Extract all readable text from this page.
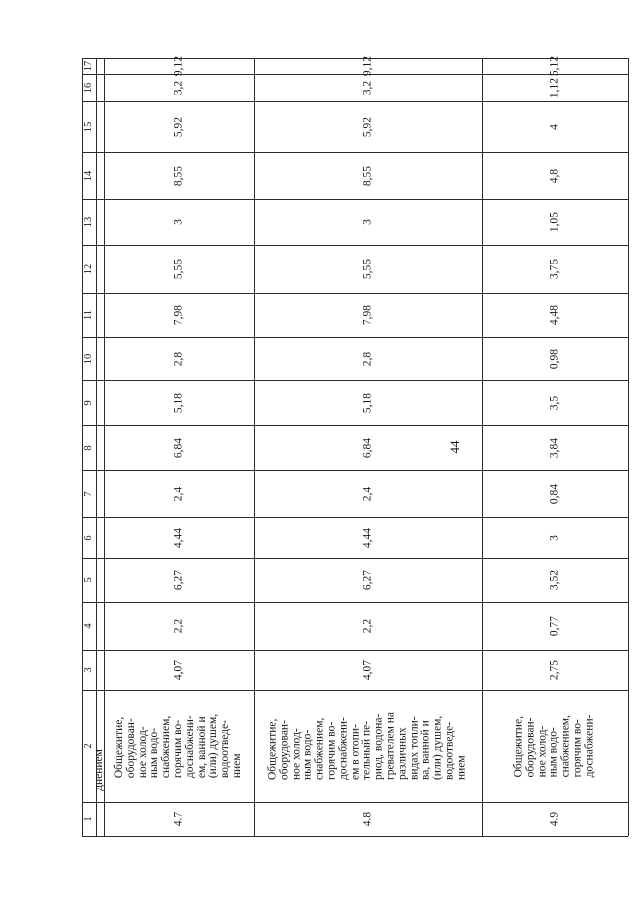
44
1
2
3
4
5
6
7
8
9
10
11
12
13
14
15
16
17
днением
4.7
Общежитие,
оборудован-
ное холод-
ным водо-
снабжением,
горячим во-
доснабжени-
ем, ванной и
(или) душем,
водоотведе-
нием
4,07
2,2
6,27
4,44
2,4
6,84
5,18
2,8
7,98
5,55
3
8,55
5,92
3,2
9,12
4.8
Общежитие,
оборудован-
ное холод-
ным водо-
снабжением,
горячим во-
доснабжени-
ем в отопи-
тельный пе-
риод, водона-
гревателем на
различных
видах топли-
ва, ванной и
(или) душем,
водоотведе-
нием
4,07
2,2
6,27
4,44
2,4
6,84
5,18
2,8
7,98
5,55
3
8,55
5,92
3,2
9,12
4.9
Общежитие,
оборудован-
ное холод-
ным водо-
снабжением,
горячим во-
доснабжени-
2,75
0,77
3,52
3
0,84
3,84
3,5
0,98
4,48
3,75
1,05
4,8
4
1,12
5,12
